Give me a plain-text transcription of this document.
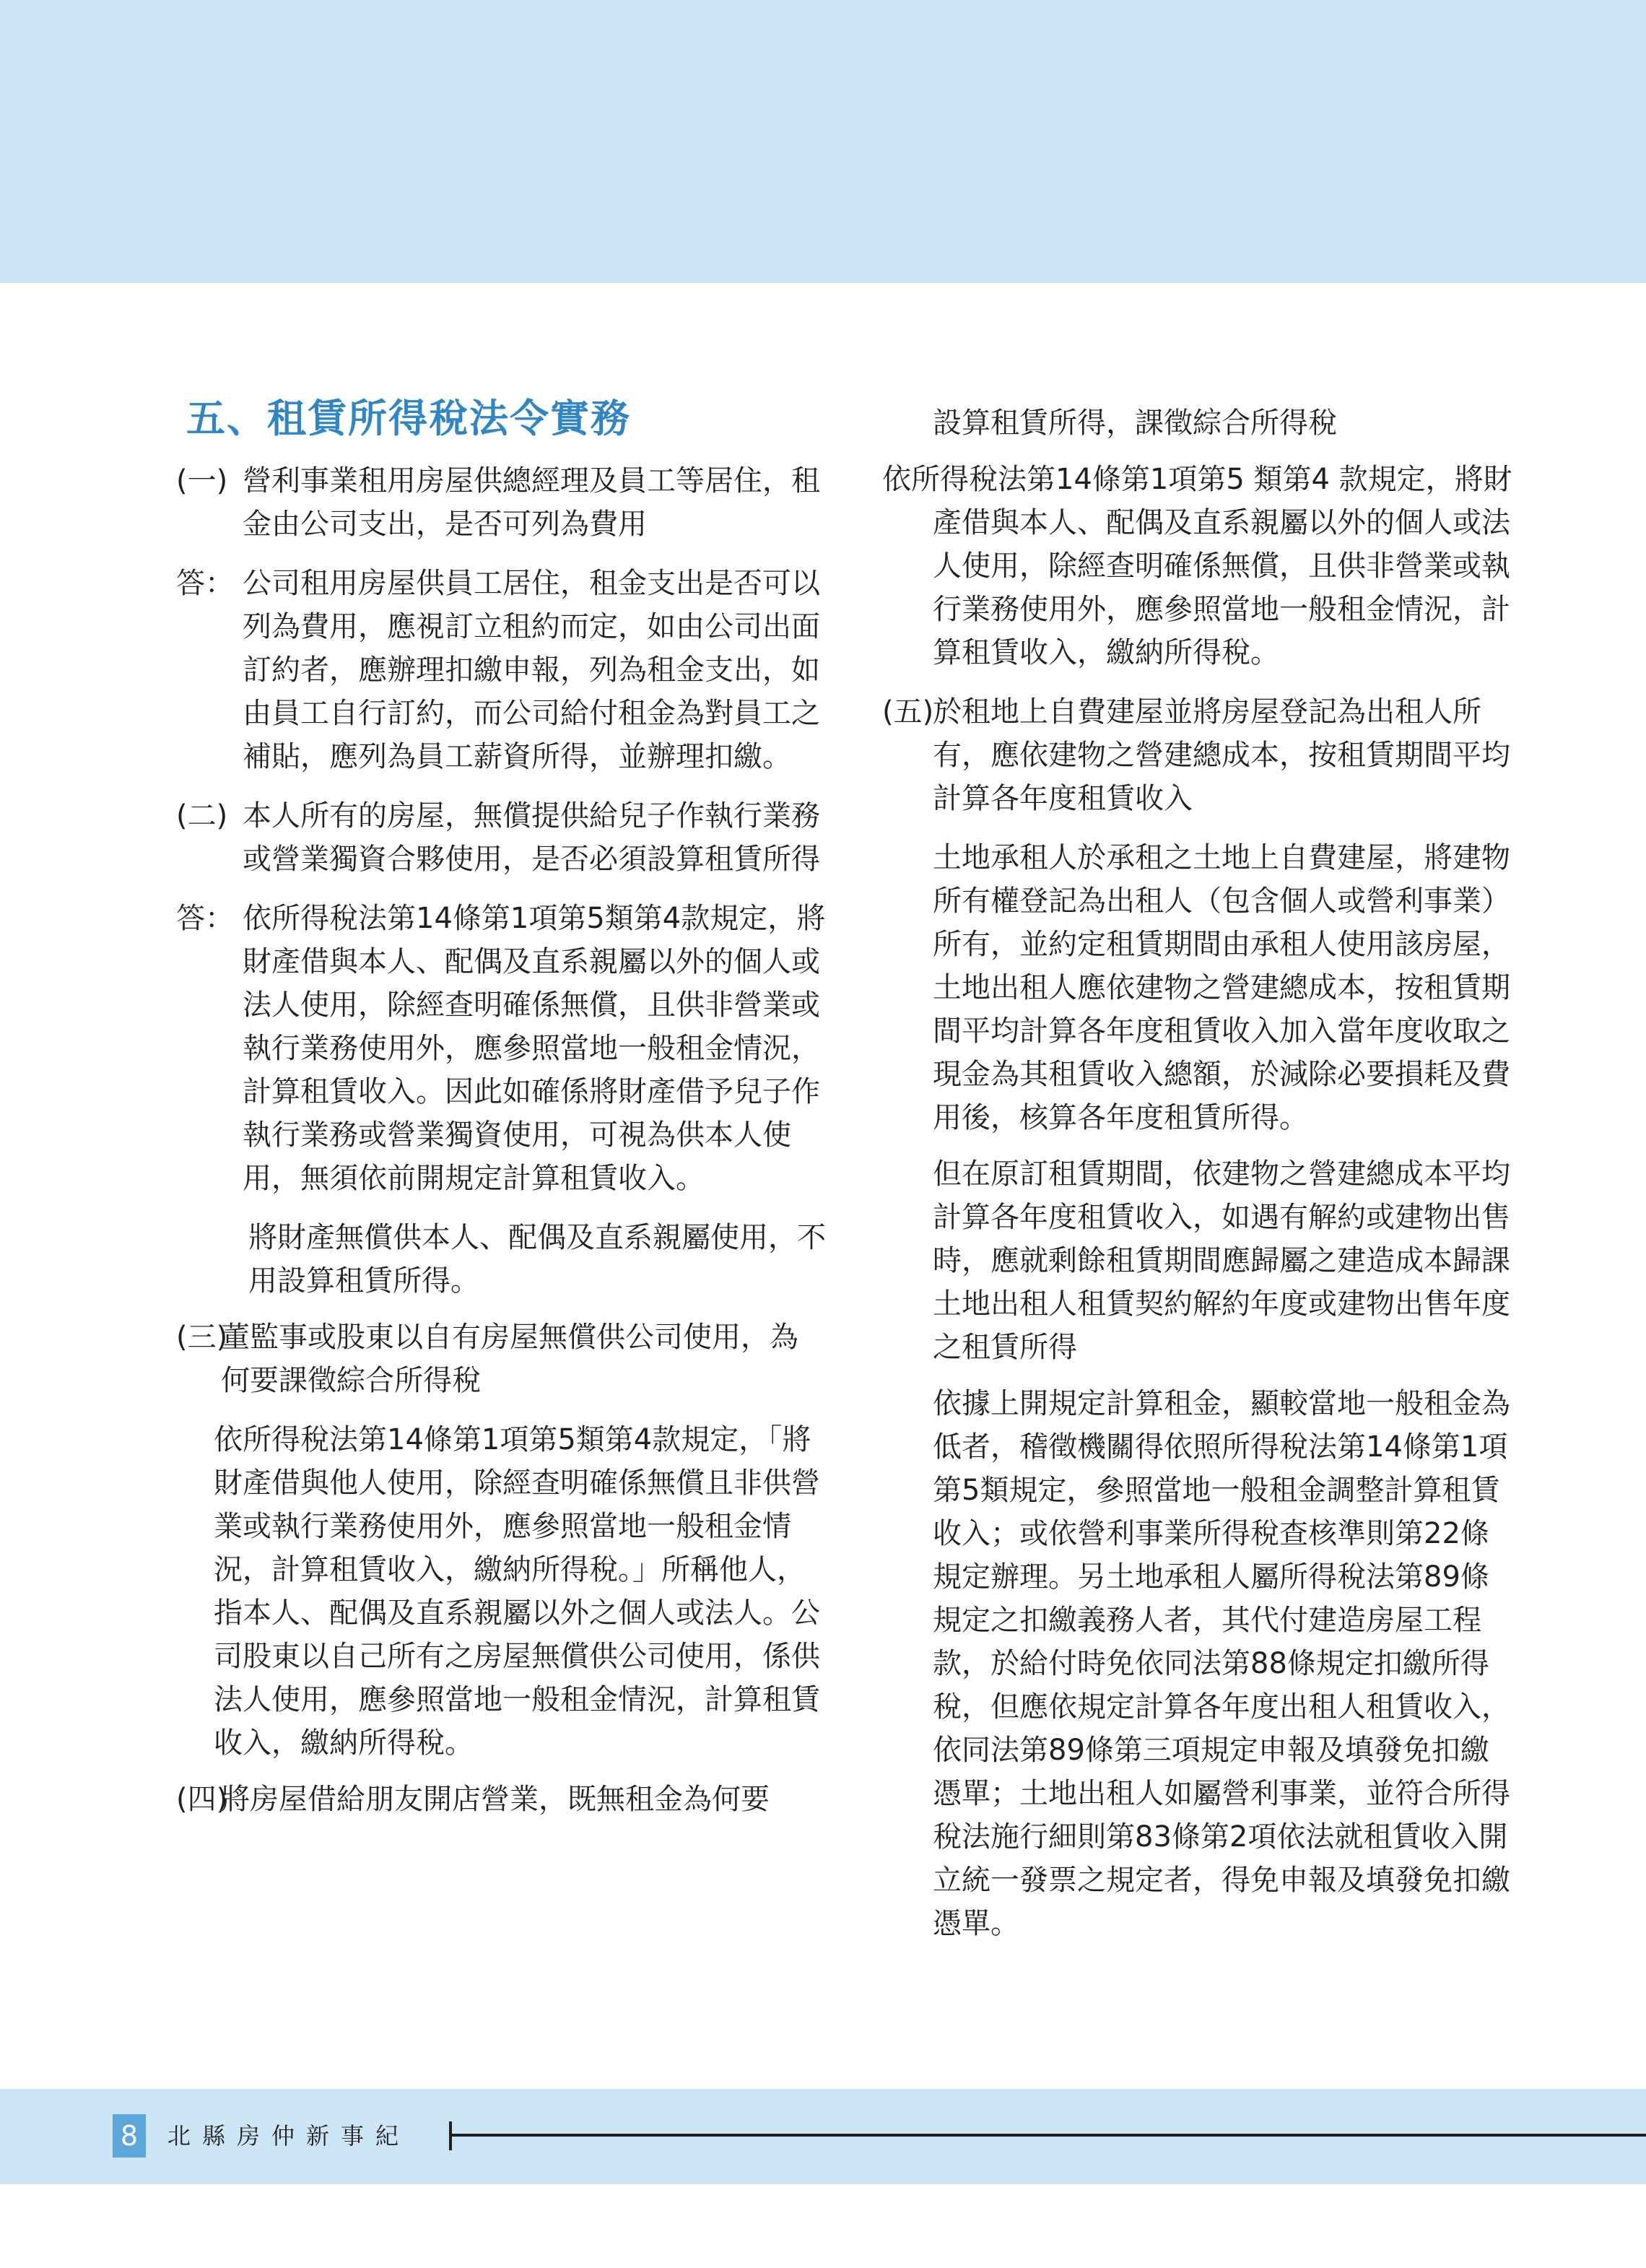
五、租賃所得稅法令實務
(一) 營利事業租用房屋供總經理及員工等居住，租金由公司支出，是否可列為費用
答： 公司租用房屋供員工居住，租金支出是否可以列為費用，應視訂立租約而定，如由公司出面訂約者，應辦理扣繳申報，列為租金支出，如由員工自行訂約，而公司給付租金為對員工之補貼，應列為員工薪資所得，並辦理扣繳。
(二) 本人所有的房屋，無償提供給兒子作執行業務或營業獨資合夥使用，是否必須設算租賃所得
答： 依所得稅法第14條第1項第5類第4款規定，將財產借與本人、配偶及直系親屬以外的個人或法人使用，除經查明確係無償，且供非營業或執行業務使用外，應參照當地一般租金情況，計算租賃收入。因此如確係將財產借予兒子作執行業務或營業獨資使用，可視為供本人使用，無須依前開規定計算租賃收入。
將財產無償供本人、配偶及直系親屬使用，不用設算租賃所得。
(三)
董監事或股東以自有房屋無償供公司使用，為何要課徵綜合所得稅
依所得稅法第14條第1項第5類第4款規定，「將財產借與他人使用，除經查明確係無償且非供營業或執行業務使用外，應參照當地一般租金情況，計算租賃收入，繳納所得稅。」所稱他人，指本人、配偶及直系親屬以外之個人或法人。公司股東以自己所有之房屋無償供公司使用，係供法人使用，應參照當地一般租金情況，計算租賃收入，繳納所得稅。
(四)
將房屋借給朋友開店營業，既無租金為何要
設算租賃所得，課徵綜合所得稅
依所得稅法第14條第1項第5 類第4 款規定，將財產借與本人、配偶及直系親屬以外的個人或法人使用，除經查明確係無償，且供非營業或執行業務使用外，應參照當地一般租金情況，計算租賃收入，繳納所得稅。
(五)
於租地上自費建屋並將房屋登記為出租人所有，應依建物之營建總成本，按租賃期間平均計算各年度租賃收入
土地承租人於承租之土地上自費建屋，將建物所有權登記為出租人（包含個人或營利事業）所有，並約定租賃期間由承租人使用該房屋，土地出租人應依建物之營建總成本，按租賃期間平均計算各年度租賃收入加入當年度收取之現金為其租賃收入總額，於減除必要損耗及費用後，核算各年度租賃所得。
但在原訂租賃期間，依建物之營建總成本平均計算各年度租賃收入，如遇有解約或建物出售時，應就剩餘租賃期間應歸屬之建造成本歸課土地出租人租賃契約解約年度或建物出售年度之租賃所得
依據上開規定計算租金，顯較當地一般租金為低者，稽徵機關得依照所得稅法第14條第1項第5類規定，參照當地一般租金調整計算租賃收入；或依營利事業所得稅查核準則第22條規定辦理。另土地承租人屬所得稅法第89條規定之扣繳義務人者，其代付建造房屋工程款，於給付時免依同法第88條規定扣繳所得稅，但應依規定計算各年度出租人租賃收入，依同法第89條第三項規定申報及填發免扣繳憑單；土地出租人如屬營利事業，並符合所得稅法施行細則第83條第2項依法就租賃收入開立統一發票之規定者，得免申報及填發免扣繳憑單。
8	北縣房仲新事紀
